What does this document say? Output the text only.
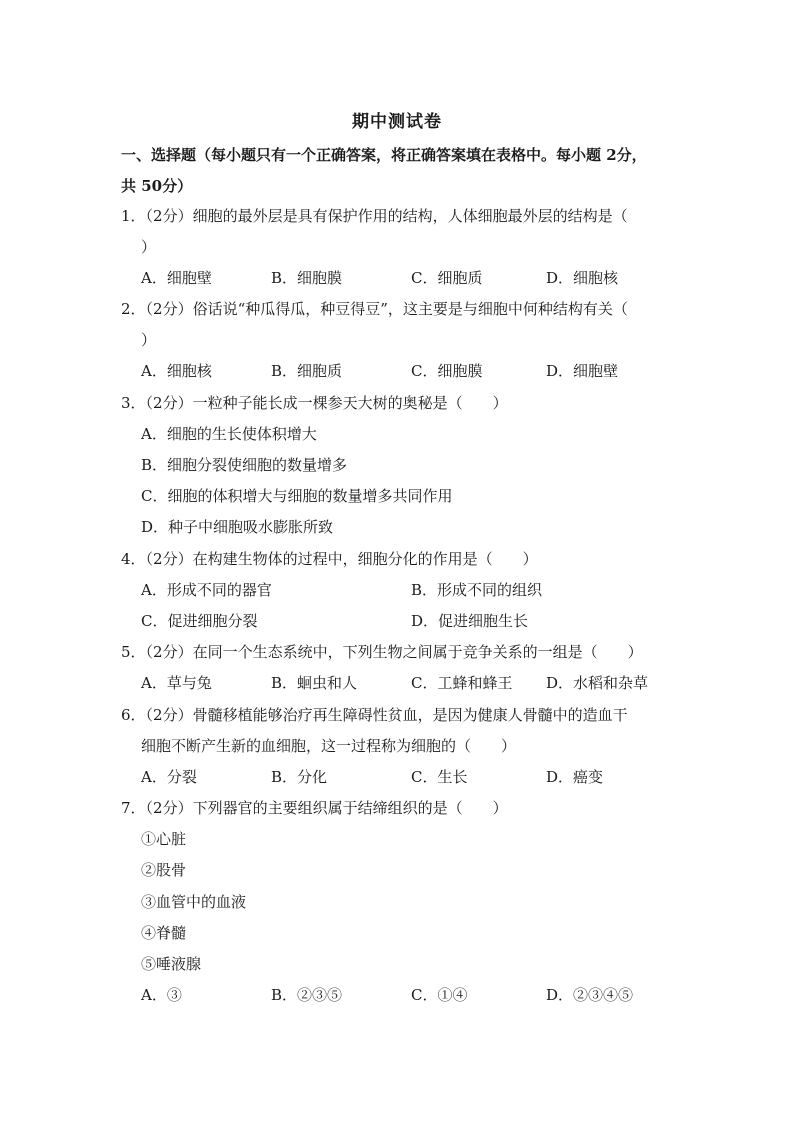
期中测试卷
一、选择题（每小题只有一个正确答案，将正确答案填在表格中。每小题 2分，
共 50分）
1．（2分）细胞的最外层是具有保护作用的结构，人体细胞最外层的结构是（
）
A．细胞壁	B．细胞膜	C．细胞质	D．细胞核
2．（2分）俗话说“种瓜得瓜，种豆得豆”，这主要是与细胞中何种结构有关（
）
A．细胞核	B．细胞质	C．细胞膜	D．细胞壁
3．（2分）一粒种子能长成一棵参天大树的奥秘是（　　）
A．细胞的生长使体积增大
B．细胞分裂使细胞的数量增多
C．细胞的体积增大与细胞的数量增多共同作用
D．种子中细胞吸水膨胀所致
4．（2分）在构建生物体的过程中，细胞分化的作用是（　　）
A．形成不同的器官	B．形成不同的组织
C．促进细胞分裂	D．促进细胞生长
5．（2分）在同一个生态系统中，下列生物之间属于竞争关系的一组是（　　）
A．草与兔	B．蛔虫和人	C．工蜂和蜂王 D．水稻和杂草
6．（2分）骨髓移植能够治疗再生障碍性贫血，是因为健康人骨髓中的造血干
细胞不断产生新的血细胞，这一过程称为细胞的（　　）
A．分裂	B．分化	C．生长	D．癌变
7．（2分）下列器官的主要组织属于结缔组织的是（　　）
①心脏
②股骨
③血管中的血液
④脊髓
⑤唾液腺
A．③	B．②③⑤	C．①④	D．②③④⑤
